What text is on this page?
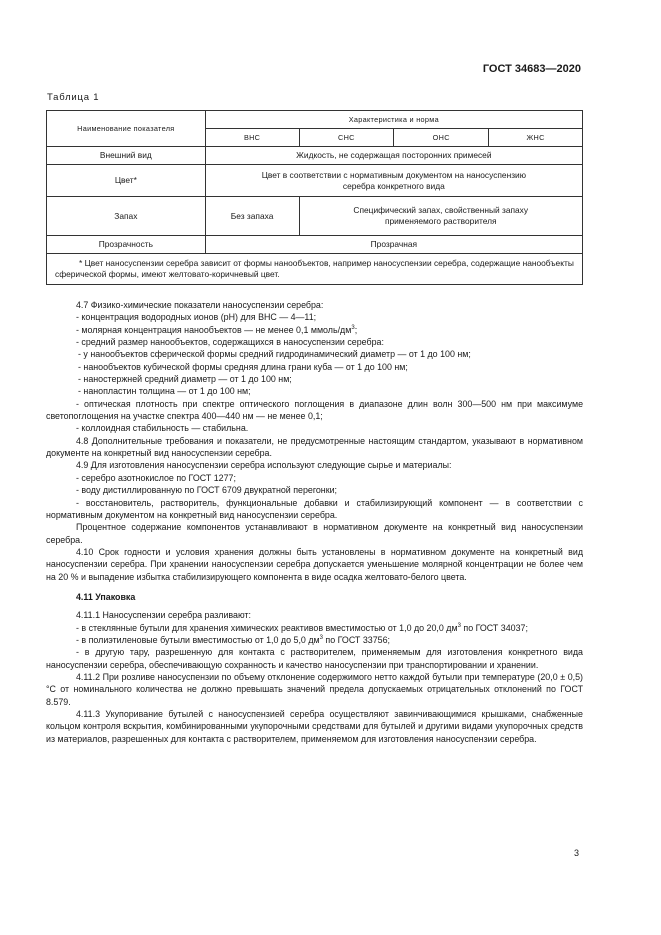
ГОСТ 34683—2020
Таблица 1
Наименование показателя	Характеристика и норма			
	ВНС	СНС	ОНС	ЖНС
Внешний вид	Жидкость, не содержащая посторонних примесей			
Цвет*	Цвет в соответствии с нормативным документом на наносуспензию серебра конкретного вида			
Запах	Без запаха	Специфический запах, свойственный запаху применяемого растворителя		
Прозрачность	Прозрачная			
* Цвет наносуспензии серебра зависит от формы нанообъектов, например наносуспензии серебра, содержащие нанообъекты сферической формы, имеют желтовато-коричневый цвет.				
4.7 Физико-химические показатели наносуспензии серебра:
- концентрация водородных ионов (pH) для ВНС — 4—11;
- молярная концентрация нанообъектов — не менее 0,1 ммоль/$дм^3$;
- средний размер нанообъектов, содержащихся в наносуспензии серебра:
- у нанообъектов сферической формы средний гидродинамический диаметр — от 1 до 100 нм;
- нанообъектов кубической формы средняя длина грани куба — от 1 до 100 нм;
- наностержней средний диаметр — от 1 до 100 нм;
- нанопластин толщина — от 1 до 100 нм;
- оптическая плотность при спектре оптического поглощения в диапазоне длин волн 300—500 нм при максимуме светопоглощения на участке спектра 400—440 нм — не менее 0,1;
- коллоидная стабильность — стабильна.
4.8 Дополнительные требования и показатели, не предусмотренные настоящим стандартом, указывают в нормативном документе на конкретный вид наносуспензии серебра.
4.9 Для изготовления наносуспензии серебра используют следующие сырье и материалы:
- серебро азотнокислое по ГОСТ 1277;
- воду дистиллированную по ГОСТ 6709 двукратной перегонки;
- восстановитель, растворитель, функциональные добавки и стабилизирующий компонент — в соответствии с нормативным документом на конкретный вид наносуспензии серебра.
Процентное содержание компонентов устанавливают в нормативном документе на конкретный вид наносуспензии серебра.
4.10 Срок годности и условия хранения должны быть установлены в нормативном документе на конкретный вид наносуспензии серебра. При хранении наносуспензии серебра допускается уменьшение молярной концентрации не более чем на 20 % и выпадение избытка стабилизирующего компонента в виде осадка желтовато-белого цвета.
4.11 Упаковка
4.11.1 Наносуспензии серебра разливают:
- в стеклянные бутыли для хранения химических реактивов вместимостью от 1,0 до 20,0 $дм^3$ по ГОСТ 34037;
- в полиэтиленовые бутыли вместимостью от 1,0 до 5,0 $дм^3$ по ГОСТ 33756;
- в другую тару, разрешенную для контакта с растворителем, применяемым для изготовления конкретного вида наносуспензии серебра, обеспечивающую сохранность и качество наносуспензии при транспортировании и хранении.
4.11.2 При розливе наносуспензии по объему отклонение содержимого нетто каждой бутыли при температуре (20,0 ± 0,5) °С от номинального количества не должно превышать значений предела допускаемых отрицательных отклонений по ГОСТ 8.579.
4.11.3 Укупоривание бутылей с наносуспензией серебра осуществляют завинчивающимися крышками, снабженные кольцом контроля вскрытия, комбинированными укупорочными средствами для бутылей и другими видами укупорочных средств из материалов, разрешенных для контакта с растворителем, применяемом для изготовления наносуспензии серебра.
3
